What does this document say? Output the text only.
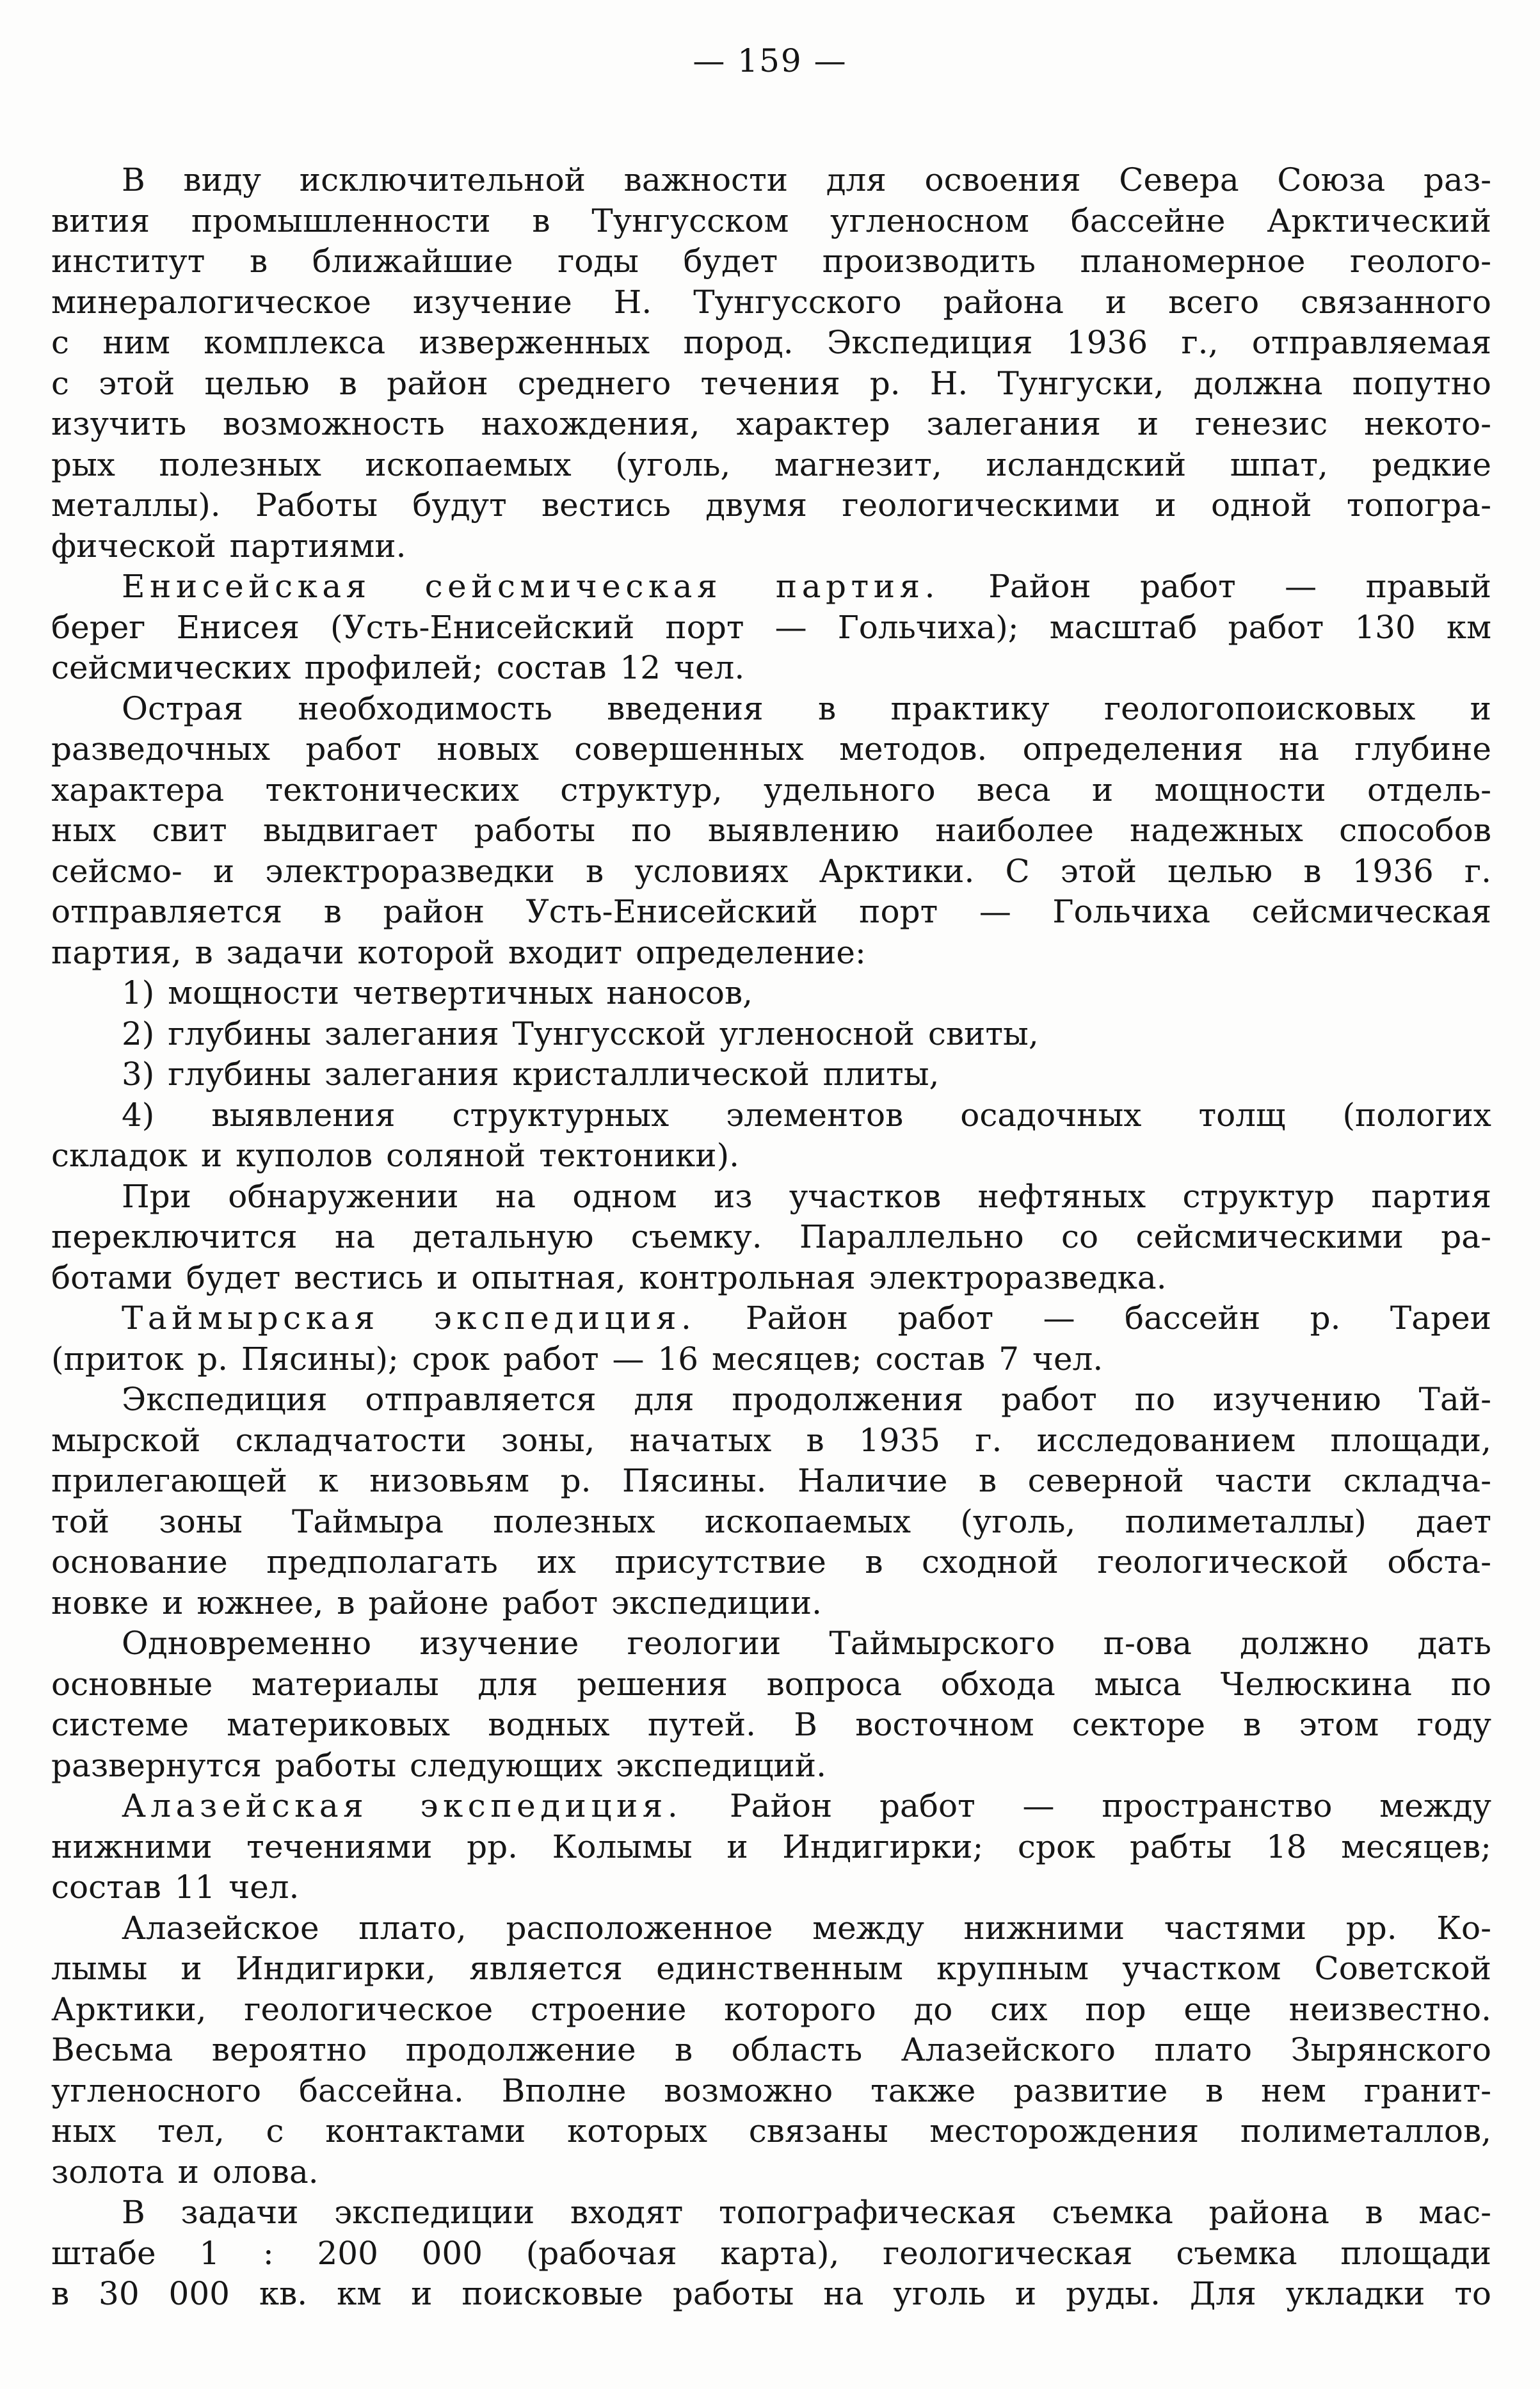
— 159 —
В виду исключительной важности для освоения Севера Союза раз-
вития промышленности в Тунгусском угленосном бассейне Арктический
институт в ближайшие годы будет производить планомерное геолого-
минералогическое изучение Н. Тунгусского района и всего связанного
с ним комплекса изверженных пород. Экспедиция 1936 г., отправляемая
с этой целью в район среднего течения р. Н. Тунгуски, должна попутно
изучить возможность нахождения, характер залегания и генезис некото-
рых полезных ископаемых (уголь, магнезит, исландский шпат, редкие
металлы). Работы будут вестись двумя геологическими и одной топогра-
фической партиями.
Енисейская сейсмическая партия. Район работ — правый
берег Енисея (Усть-Енисейский порт — Гольчиха); масштаб работ 130 км
сейсмических профилей; состав 12 чел.
Острая необходимость введения в практику геологопоисковых и
разведочных работ новых совершенных методов. определения на глубине
характера тектонических структур, удельного веса и мощности отдель-
ных свит выдвигает работы по выявлению наиболее надежных способов
сейсмо- и электроразведки в условиях Арктики. С этой целью в 1936 г.
отправляется в район Усть-Енисейский порт — Гольчиха сейсмическая
партия, в задачи которой входит определение:
1) мощности четвертичных наносов,
2) глубины залегания Тунгусской угленосной свиты,
3) глубины залегания кристаллической плиты,
4) выявления структурных элементов осадочных толщ (пологих
складок и куполов соляной тектоники).
При обнаружении на одном из участков нефтяных структур партия
переключится на детальную съемку. Параллельно со сейсмическими ра-
ботами будет вестись и опытная, контрольная электроразведка.
Таймырская экспедиция. Район работ — бассейн р. Тареи
(приток р. Пясины); срок работ — 16 месяцев; состав 7 чел.
Экспедиция отправляется для продолжения работ по изучению Тай-
мырской складчатости зоны, начатых в 1935 г. исследованием площади,
прилегающей к низовьям р. Пясины. Наличие в северной части складча-
той зоны Таймыра полезных ископаемых (уголь, полиметаллы) дает
основание предполагать их присутствие в сходной геологической обста-
новке и южнее, в районе работ экспедиции.
Одновременно изучение геологии Таймырского п-ова должно дать
основные материалы для решения вопроса обхода мыса Челюскина по
системе материковых водных путей. В восточном секторе в этом году
развернутся работы следующих экспедиций.
Алазейская экспедиция. Район работ — пространство между
нижними течениями рр. Колымы и Индигирки; срок рабты 18 месяцев;
состав 11 чел.
Алазейское плато, расположенное между нижними частями рр. Ко-
лымы и Индигирки, является единственным крупным участком Советской
Арктики, геологическое строение которого до сих пор еще неизвестно.
Весьма вероятно продолжение в область Алазейского плато Зырянского
угленосного бассейна. Вполне возможно также развитие в нем гранит-
ных тел, с контактами которых связаны месторождения полиметаллов,
золота и олова.
В задачи экспедиции входят топографическая съемка района в мас-
штабе 1 : 200 000 (рабочая карта), геологическая съемка площади
в 30 000 кв. км и поисковые работы на уголь и руды. Для укладки то
